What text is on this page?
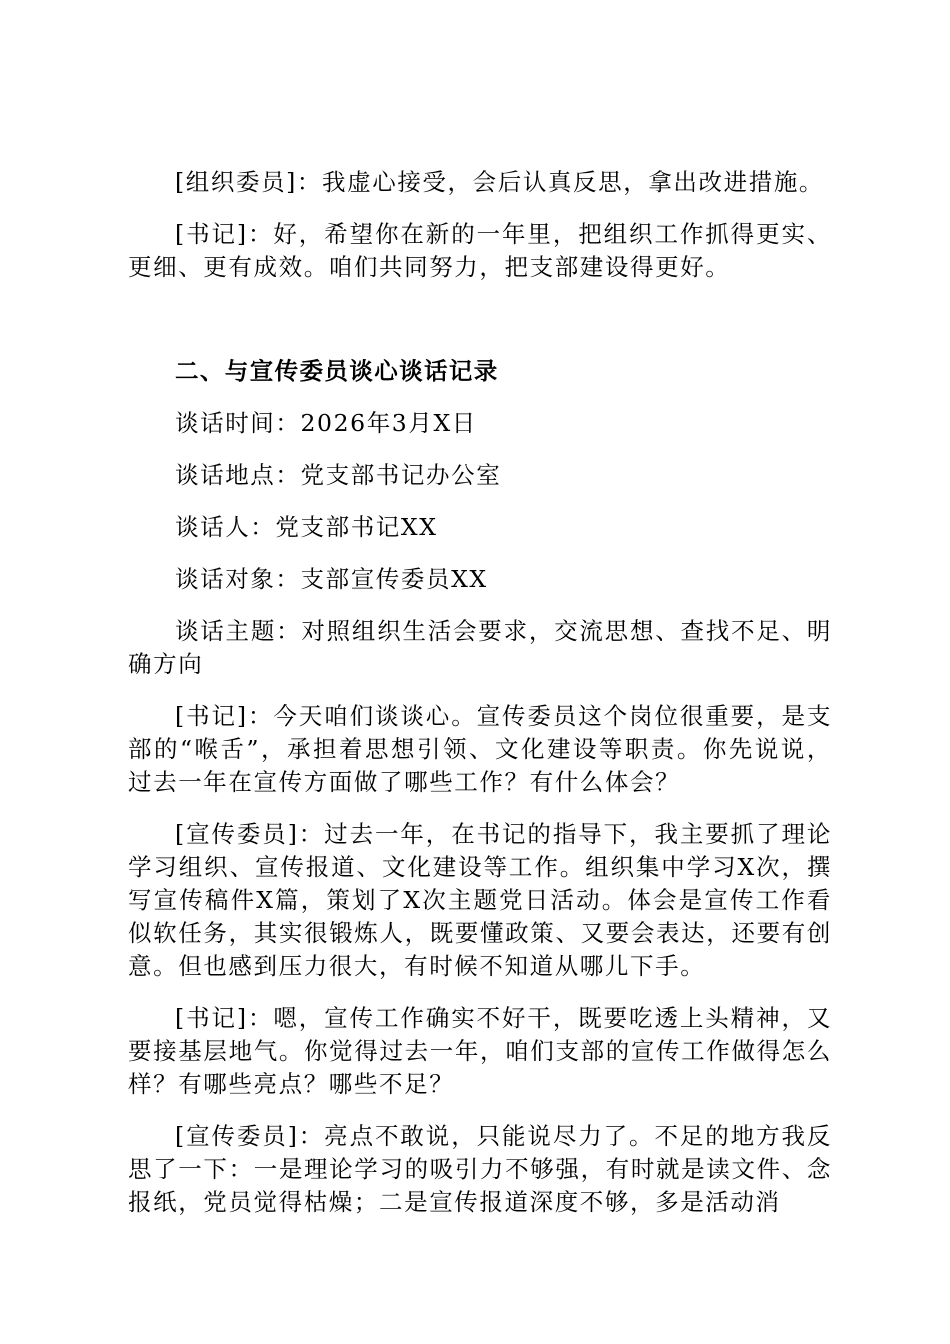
[组织委员]：我虚心接受，会后认真反思，拿出改进措施。

[书记]：好，希望你在新的一年里，把组织工作抓得更实、更细、更有成效。咱们共同努力，把支部建设得更好。

二、与宣传委员谈心谈话记录

谈话时间：2026年3月X日

谈话地点：党支部书记办公室

谈话人：党支部书记XX

谈话对象：支部宣传委员XX

谈话主题：对照组织生活会要求，交流思想、查找不足、明确方向

[书记]：今天咱们谈谈心。宣传委员这个岗位很重要，是支部的“喉舌”，承担着思想引领、文化建设等职责。你先说说，过去一年在宣传方面做了哪些工作？有什么体会？

[宣传委员]：过去一年，在书记的指导下，我主要抓了理论学习组织、宣传报道、文化建设等工作。组织集中学习X次，撰写宣传稿件X篇，策划了X次主题党日活动。体会是宣传工作看似软任务，其实很锻炼人，既要懂政策、又要会表达，还要有创意。但也感到压力很大，有时候不知道从哪儿下手。

[书记]：嗯，宣传工作确实不好干，既要吃透上头精神，又要接基层地气。你觉得过去一年，咱们支部的宣传工作做得怎么样？有哪些亮点？哪些不足？

[宣传委员]：亮点不敢说，只能说尽力了。不足的地方我反思了一下：一是理论学习的吸引力不够强，有时就是读文件、念报纸，党员觉得枯燥；二是宣传报道深度不够，多是活动消
